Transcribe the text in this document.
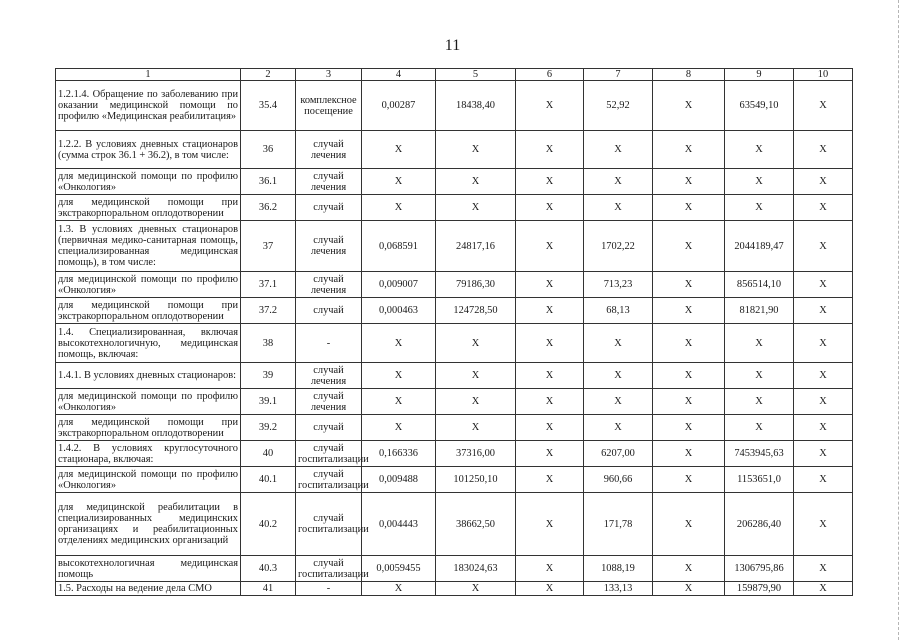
11
1	2	3	4	5	6	7	8	9	10
1.2.1.4. Обращение по заболеванию при оказании медицинской помощи по профилю «Медицинская реабилитация»	35.4	комплексное посещение	0,00287	18438,40	X	52,92	X	63549,10	X
1.2.2. В условиях дневных стационаров (сумма строк 36.1 + 36.2), в том числе:	36	случай лечения	X	X	X	X	X	X	X
для медицинской помощи по профилю «Онкология»	36.1	случай лечения	X	X	X	X	X	X	X
для медицинской помощи при экстракорпоральном оплодотворении	36.2	случай	X	X	X	X	X	X	X
1.3. В условиях дневных стационаров (первичная медико-санитарная помощь, специализированная медицинская помощь), в том числе:	37	случай лечения	0,068591	24817,16	X	1702,22	X	2044189,47	X
для медицинской помощи по профилю «Онкология»	37.1	случай лечения	0,009007	79186,30	X	713,23	X	856514,10	X
для медицинской помощи при экстракорпоральном оплодотворении	37.2	случай	0,000463	124728,50	X	68,13	X	81821,90	X
1.4. Специализированная, включая высокотехнологичную, медицинская помощь, включая:	38	-	X	X	X	X	X	X	X
1.4.1. В условиях дневных стационаров:	39	случай лечения	X	X	X	X	X	X	X
для медицинской помощи по профилю «Онкология»	39.1	случай лечения	X	X	X	X	X	X	X
для медицинской помощи при экстракорпоральном оплодотворении	39.2	случай	X	X	X	X	X	X	X
1.4.2. В условиях круглосуточного стационара, включая:	40	случай госпитализации	0,166336	37316,00	X	6207,00	X	7453945,63	X
для медицинской помощи по профилю «Онкология»	40.1	случай госпитализации	0,009488	101250,10	X	960,66	X	1153651,0	X
для медицинской реабилитации в специализированных медицинских организациях и реабилитационных отделениях медицинских организаций	40.2	случай госпитализации	0,004443	38662,50	X	171,78	X	206286,40	X
высокотехнологичная медицинская помощь	40.3	случай госпитализации	0,0059455	183024,63	X	1088,19	X	1306795,86	X
1.5. Расходы на ведение дела СМО	41	-	X	X	X	133,13	X	159879,90	X
